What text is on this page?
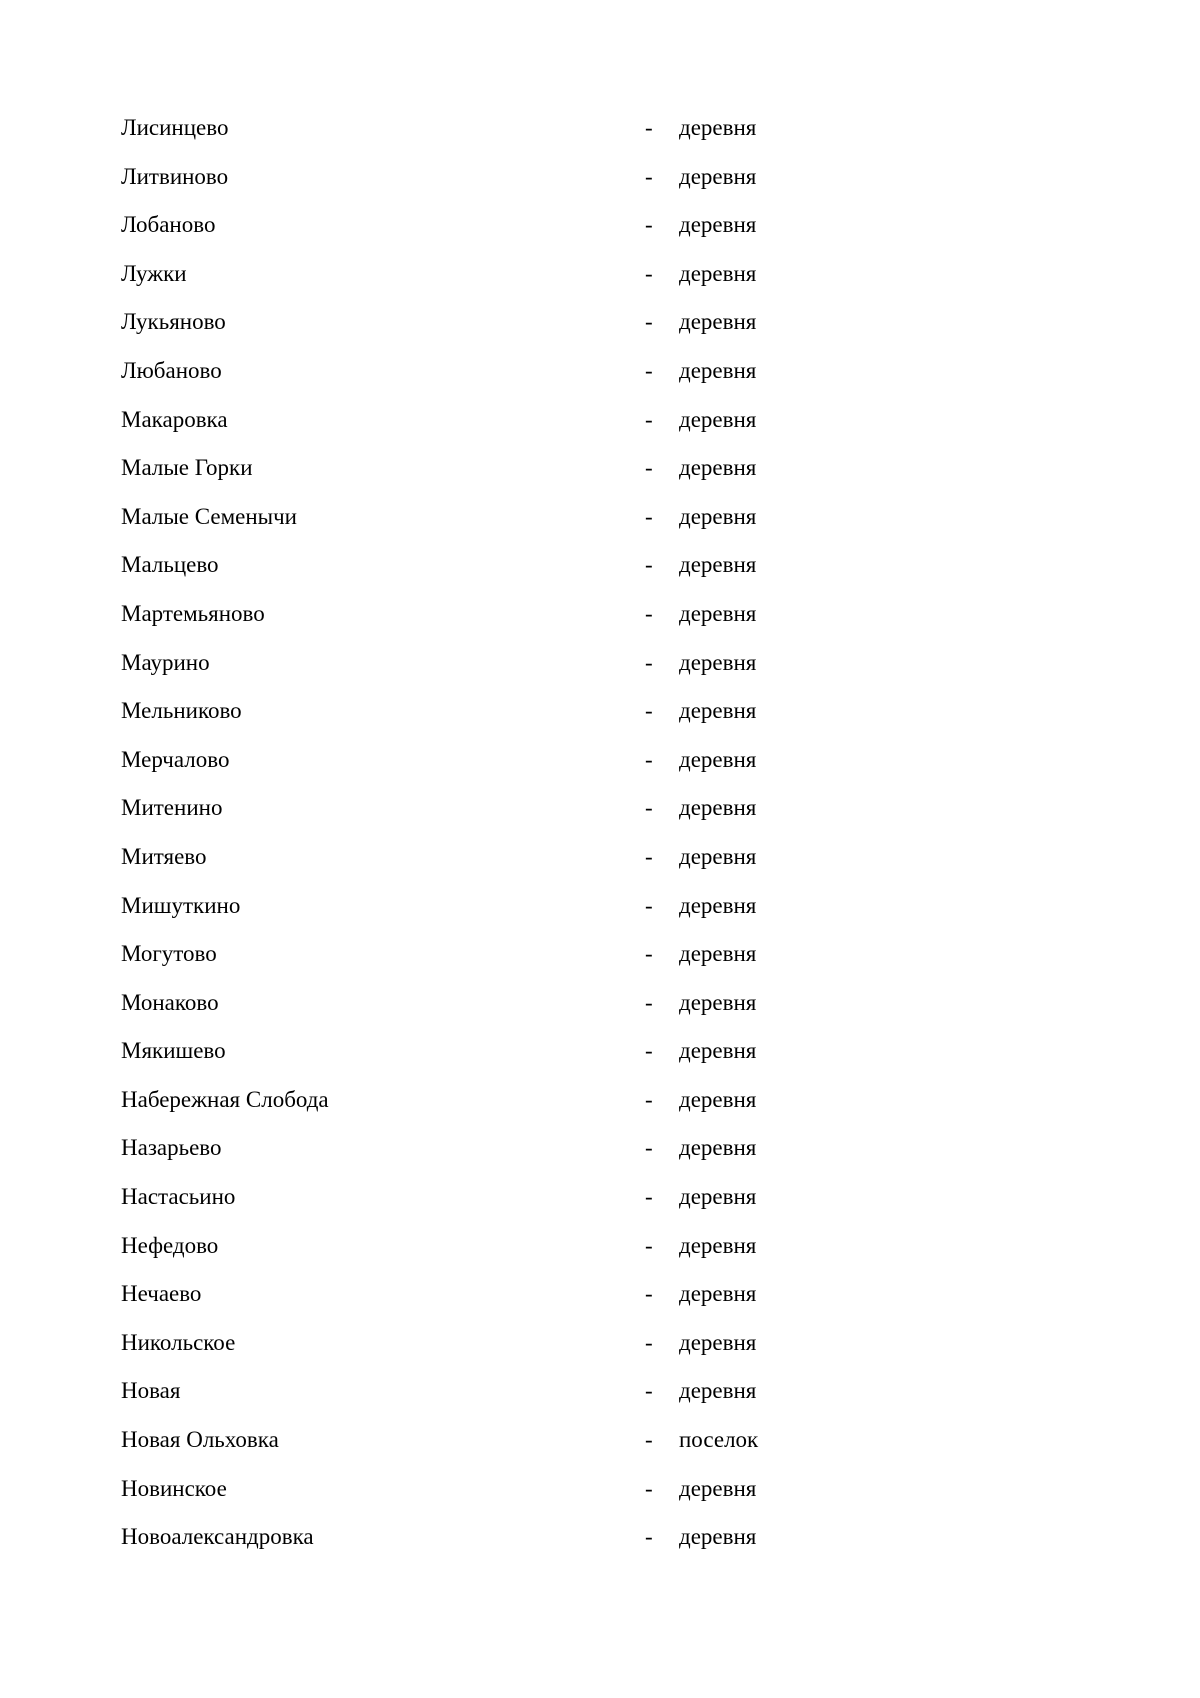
Лисинцево	- деревня
Литвиново	- деревня
Лобаново	- деревня
Лужки	- деревня
Лукьяново	- деревня
Любаново	- деревня
Макаровка	- деревня
Малые Горки	- деревня
Малые Семенычи	- деревня
Мальцево	- деревня
Мартемьяново	- деревня
Маурино	- деревня
Мельниково	- деревня
Мерчалово	- деревня
Митенино	- деревня
Митяево	- деревня
Мишуткино	- деревня
Могутово	- деревня
Монаково	- деревня
Мякишево	- деревня
Набережная Слобода	- деревня
Назарьево	- деревня
Настасьино	- деревня
Нефедово	- деревня
Нечаево	- деревня
Никольское	- деревня
Новая	- деревня
Новая Ольховка	- поселок
Новинское	- деревня
Новоалександровка	- деревня
